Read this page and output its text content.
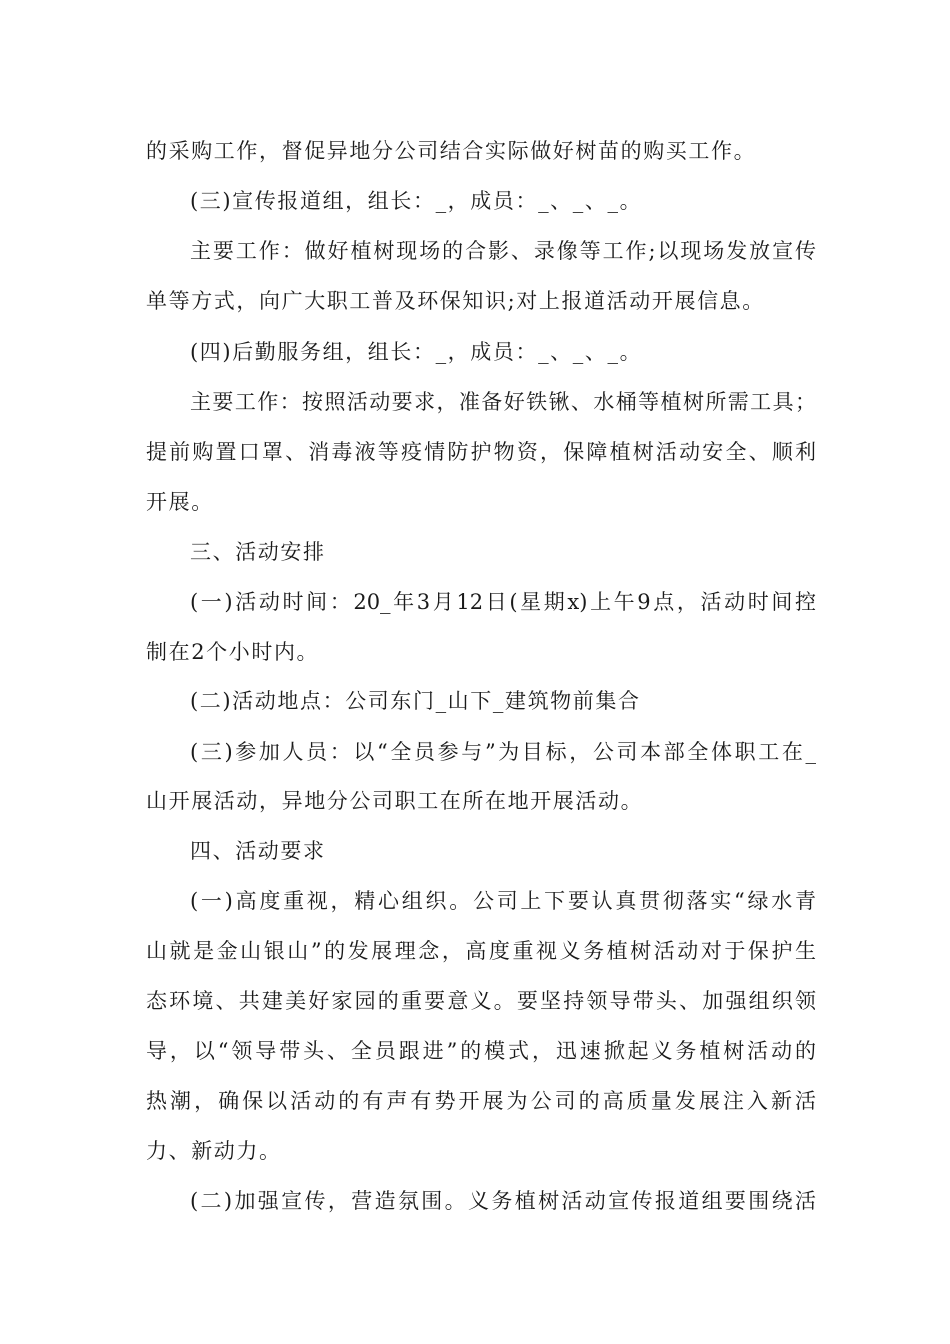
的采购工作，督促异地分公司结合实际做好树苗的购买工作。
(三)宣传报道组，组长：_，成员：_、_、_。
主要工作：做好植树现场的合影、录像等工作;以现场发放宣传
单等方式，向广大职工普及环保知识;对上报道活动开展信息。
(四)后勤服务组，组长：_，成员：_、_、_。
主要工作：按照活动要求，准备好铁锹、水桶等植树所需工具；
提前购置口罩、消毒液等疫情防护物资，保障植树活动安全、顺利
开展。
三、活动安排
(一)活动时间：20_年3月12日(星期x)上午9点，活动时间控
制在2个小时内。
(二)活动地点：公司东门_山下_建筑物前集合
(三)参加人员：以“全员参与”为目标，公司本部全体职工在_
山开展活动，异地分公司职工在所在地开展活动。
四、活动要求
(一)高度重视，精心组织。公司上下要认真贯彻落实“绿水青
山就是金山银山”的发展理念，高度重视义务植树活动对于保护生
态环境、共建美好家园的重要意义。要坚持领导带头、加强组织领
导，以“领导带头、全员跟进”的模式，迅速掀起义务植树活动的
热潮，确保以活动的有声有势开展为公司的高质量发展注入新活
力、新动力。
(二)加强宣传，营造氛围。义务植树活动宣传报道组要围绕活
